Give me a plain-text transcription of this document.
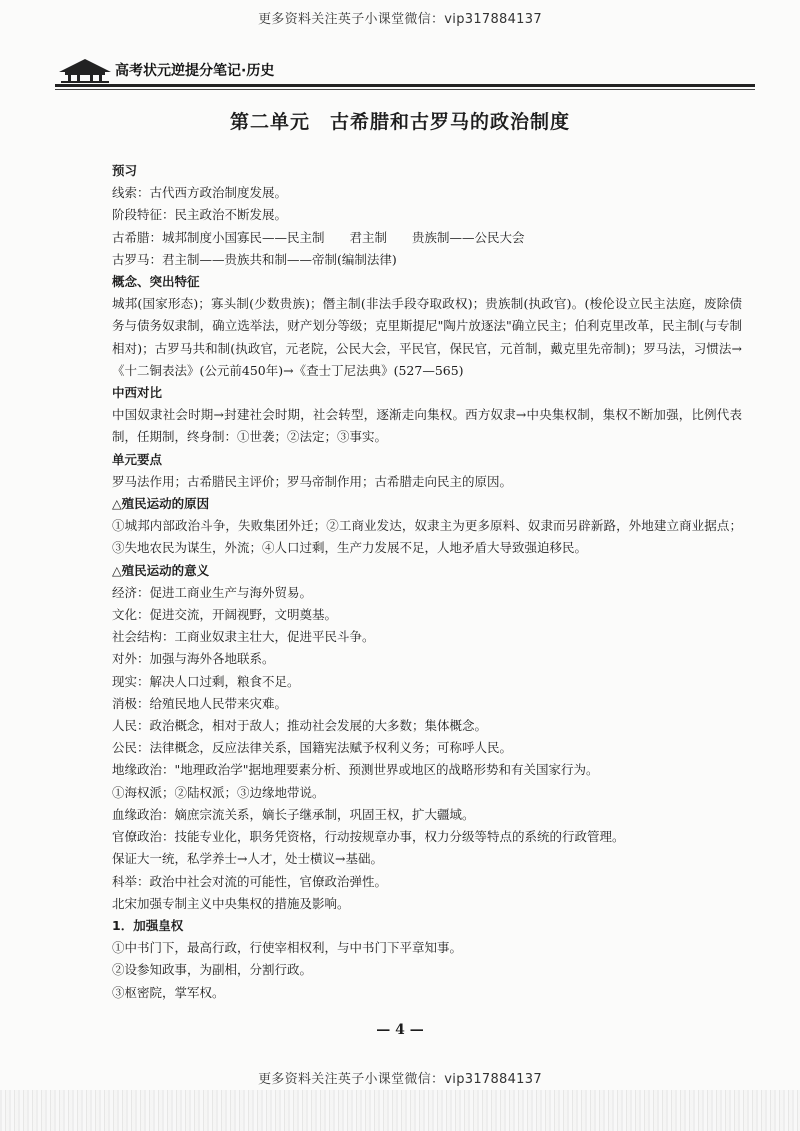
更多资料关注英子小课堂微信：vip317884137
高考状元逆提分笔记·历史
第二单元　古希腊和古罗马的政治制度

预习

线索：古代西方政治制度发展。

阶段特征：民主政治不断发展。

古希腊：城邦制度小国寡民——民主制　　君主制　　贵族制——公民大会

古罗马：君主制——贵族共和制——帝制(编制法律)

概念、突出特征

城邦(国家形态)；寡头制(少数贵族)；僭主制(非法手段夺取政权)；贵族制(执政官)。(梭伦设立民主法庭，废除债务与债务奴隶制，确立选举法，财产划分等级；克里斯提尼"陶片放逐法"确立民主；伯利克里改革，民主制(与专制相对)；古罗马共和制(执政官，元老院，公民大会，平民官，保民官，元首制，戴克里先帝制)；罗马法，习惯法→《十二铜表法》(公元前450年)→《查士丁尼法典》(527—565)

中西对比

中国奴隶社会时期→封建社会时期，社会转型，逐渐走向集权。西方奴隶→中央集权制，集权不断加强，比例代表制，任期制，终身制：①世袭；②法定；③事实。

单元要点

罗马法作用；古希腊民主评价；罗马帝制作用；古希腊走向民主的原因。

△殖民运动的原因

①城邦内部政治斗争，失败集团外迁；②工商业发达，奴隶主为更多原料、奴隶而另辟新路，外地建立商业据点；③失地农民为谋生，外流；④人口过剩，生产力发展不足，人地矛盾大导致强迫移民。

△殖民运动的意义

经济：促进工商业生产与海外贸易。

文化：促进交流，开阔视野，文明奠基。

社会结构：工商业奴隶主壮大，促进平民斗争。

对外：加强与海外各地联系。

现实：解决人口过剩，粮食不足。

消极：给殖民地人民带来灾难。

人民：政治概念，相对于敌人；推动社会发展的大多数；集体概念。

公民：法律概念，反应法律关系，国籍宪法赋予权利义务；可称呼人民。

地缘政治："地理政治学"据地理要素分析、预测世界或地区的战略形势和有关国家行为。

①海权派；②陆权派；③边缘地带说。

血缘政治：嫡庶宗流关系，嫡长子继承制，巩固王权，扩大疆域。

官僚政治：技能专业化，职务凭资格，行动按规章办事，权力分级等特点的系统的行政管理。

保证大一统，私学养士→人才，处士横议→基础。

科举：政治中社会对流的可能性，官僚政治弹性。

北宋加强专制主义中央集权的措施及影响。

1．加强皇权

①中书门下，最高行政，行使宰相权利，与中书门下平章知事。

②设参知政事，为副相，分割行政。

③枢密院，掌军权。

— 4 —
更多资料关注英子小课堂微信：vip317884137
